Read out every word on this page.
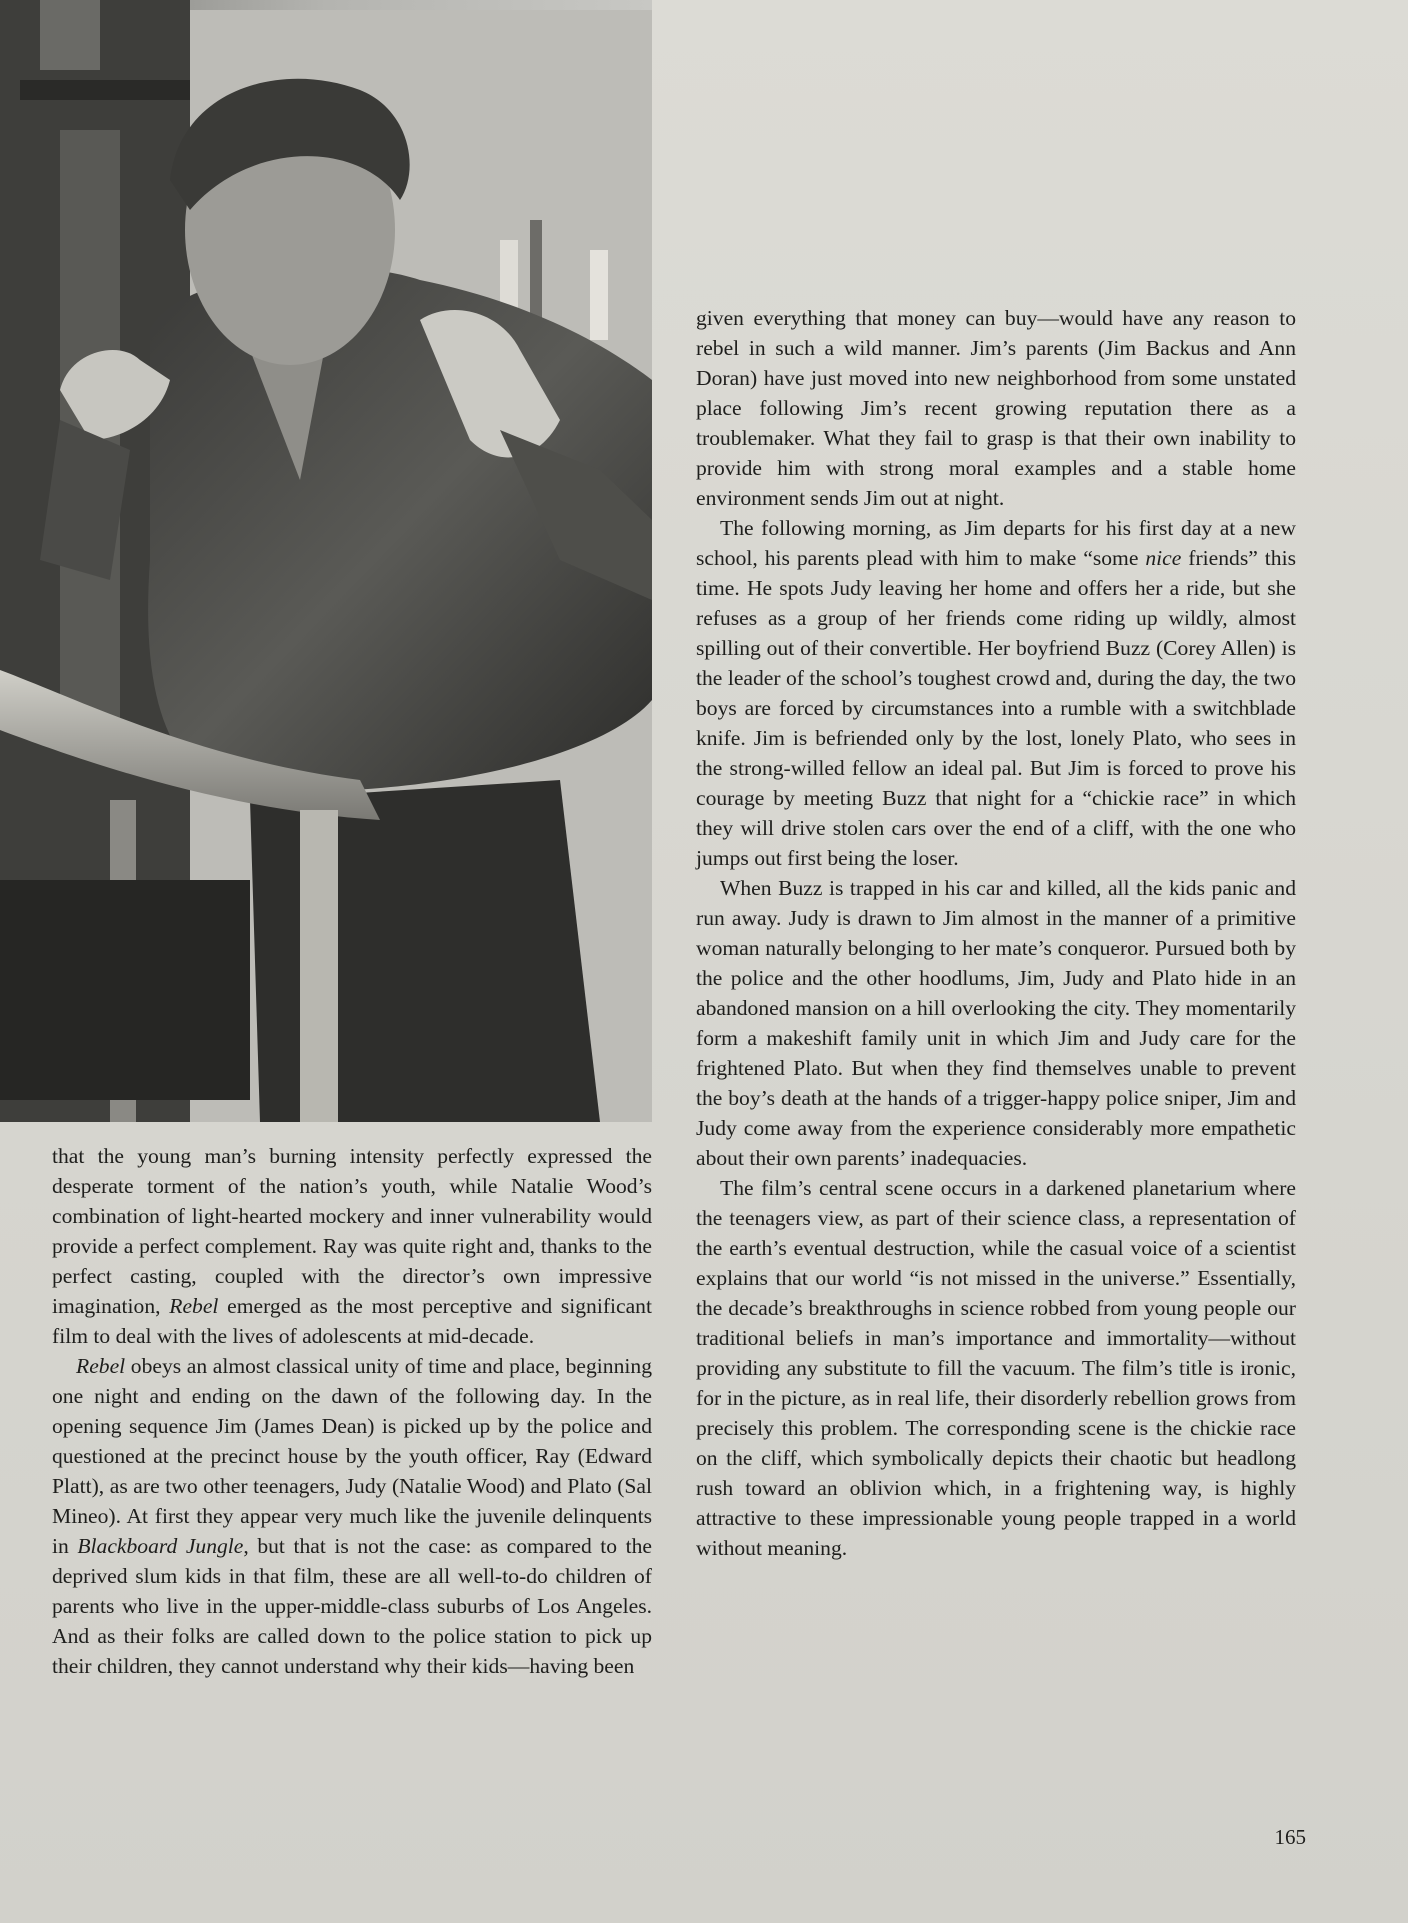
that the young man’s burning intensity perfectly expressed the desperate torment of the nation’s youth, while Natalie Wood’s combination of light-hearted mockery and inner vulnerability would provide a perfect complement. Ray was quite right and, thanks to the perfect casting, coupled with the director’s own impressive imagination, Rebel emerged as the most perceptive and significant film to deal with the lives of adolescents at mid-decade.

Rebel obeys an almost classical unity of time and place, beginning one night and ending on the dawn of the following day. In the opening sequence Jim (James Dean) is picked up by the police and questioned at the precinct house by the youth officer, Ray (Edward Platt), as are two other teenagers, Judy (Natalie Wood) and Plato (Sal Mineo). At first they appear very much like the juvenile delinquents in Blackboard Jungle, but that is not the case: as compared to the deprived slum kids in that film, these are all well-to-do children of parents who live in the upper-middle-class suburbs of Los Angeles. And as their folks are called down to the police station to pick up their children, they cannot understand why their kids—having been

given everything that money can buy—would have any reason to rebel in such a wild manner. Jim’s parents (Jim Backus and Ann Doran) have just moved into new neighborhood from some unstated place following Jim’s recent growing reputation there as a troublemaker. What they fail to grasp is that their own inability to provide him with strong moral examples and a stable home environment sends Jim out at night.

The following morning, as Jim departs for his first day at a new school, his parents plead with him to make “some nice friends” this time. He spots Judy leaving her home and offers her a ride, but she refuses as a group of her friends come riding up wildly, almost spilling out of their convertible. Her boyfriend Buzz (Corey Allen) is the leader of the school’s toughest crowd and, during the day, the two boys are forced by circumstances into a rumble with a switchblade knife. Jim is befriended only by the lost, lonely Plato, who sees in the strong-willed fellow an ideal pal. But Jim is forced to prove his courage by meeting Buzz that night for a “chickie race” in which they will drive stolen cars over the end of a cliff, with the one who jumps out first being the loser.

When Buzz is trapped in his car and killed, all the kids panic and run away. Judy is drawn to Jim almost in the manner of a primitive woman naturally belonging to her mate’s conqueror. Pursued both by the police and the other hoodlums, Jim, Judy and Plato hide in an abandoned mansion on a hill overlooking the city. They momentarily form a makeshift family unit in which Jim and Judy care for the frightened Plato. But when they find themselves unable to prevent the boy’s death at the hands of a trigger-happy police sniper, Jim and Judy come away from the experience considerably more empathetic about their own parents’ inadequacies.

The film’s central scene occurs in a darkened planetarium where the teenagers view, as part of their science class, a representation of the earth’s eventual destruction, while the casual voice of a scientist explains that our world “is not missed in the universe.” Essentially, the decade’s breakthroughs in science robbed from young people our traditional beliefs in man’s importance and immortality—without providing any substitute to fill the vacuum. The film’s title is ironic, for in the picture, as in real life, their disorderly rebellion grows from precisely this problem. The corresponding scene is the chickie race on the cliff, which symbolically depicts their chaotic but headlong rush toward an oblivion which, in a frightening way, is highly attractive to these impressionable young people trapped in a world without meaning.

165
